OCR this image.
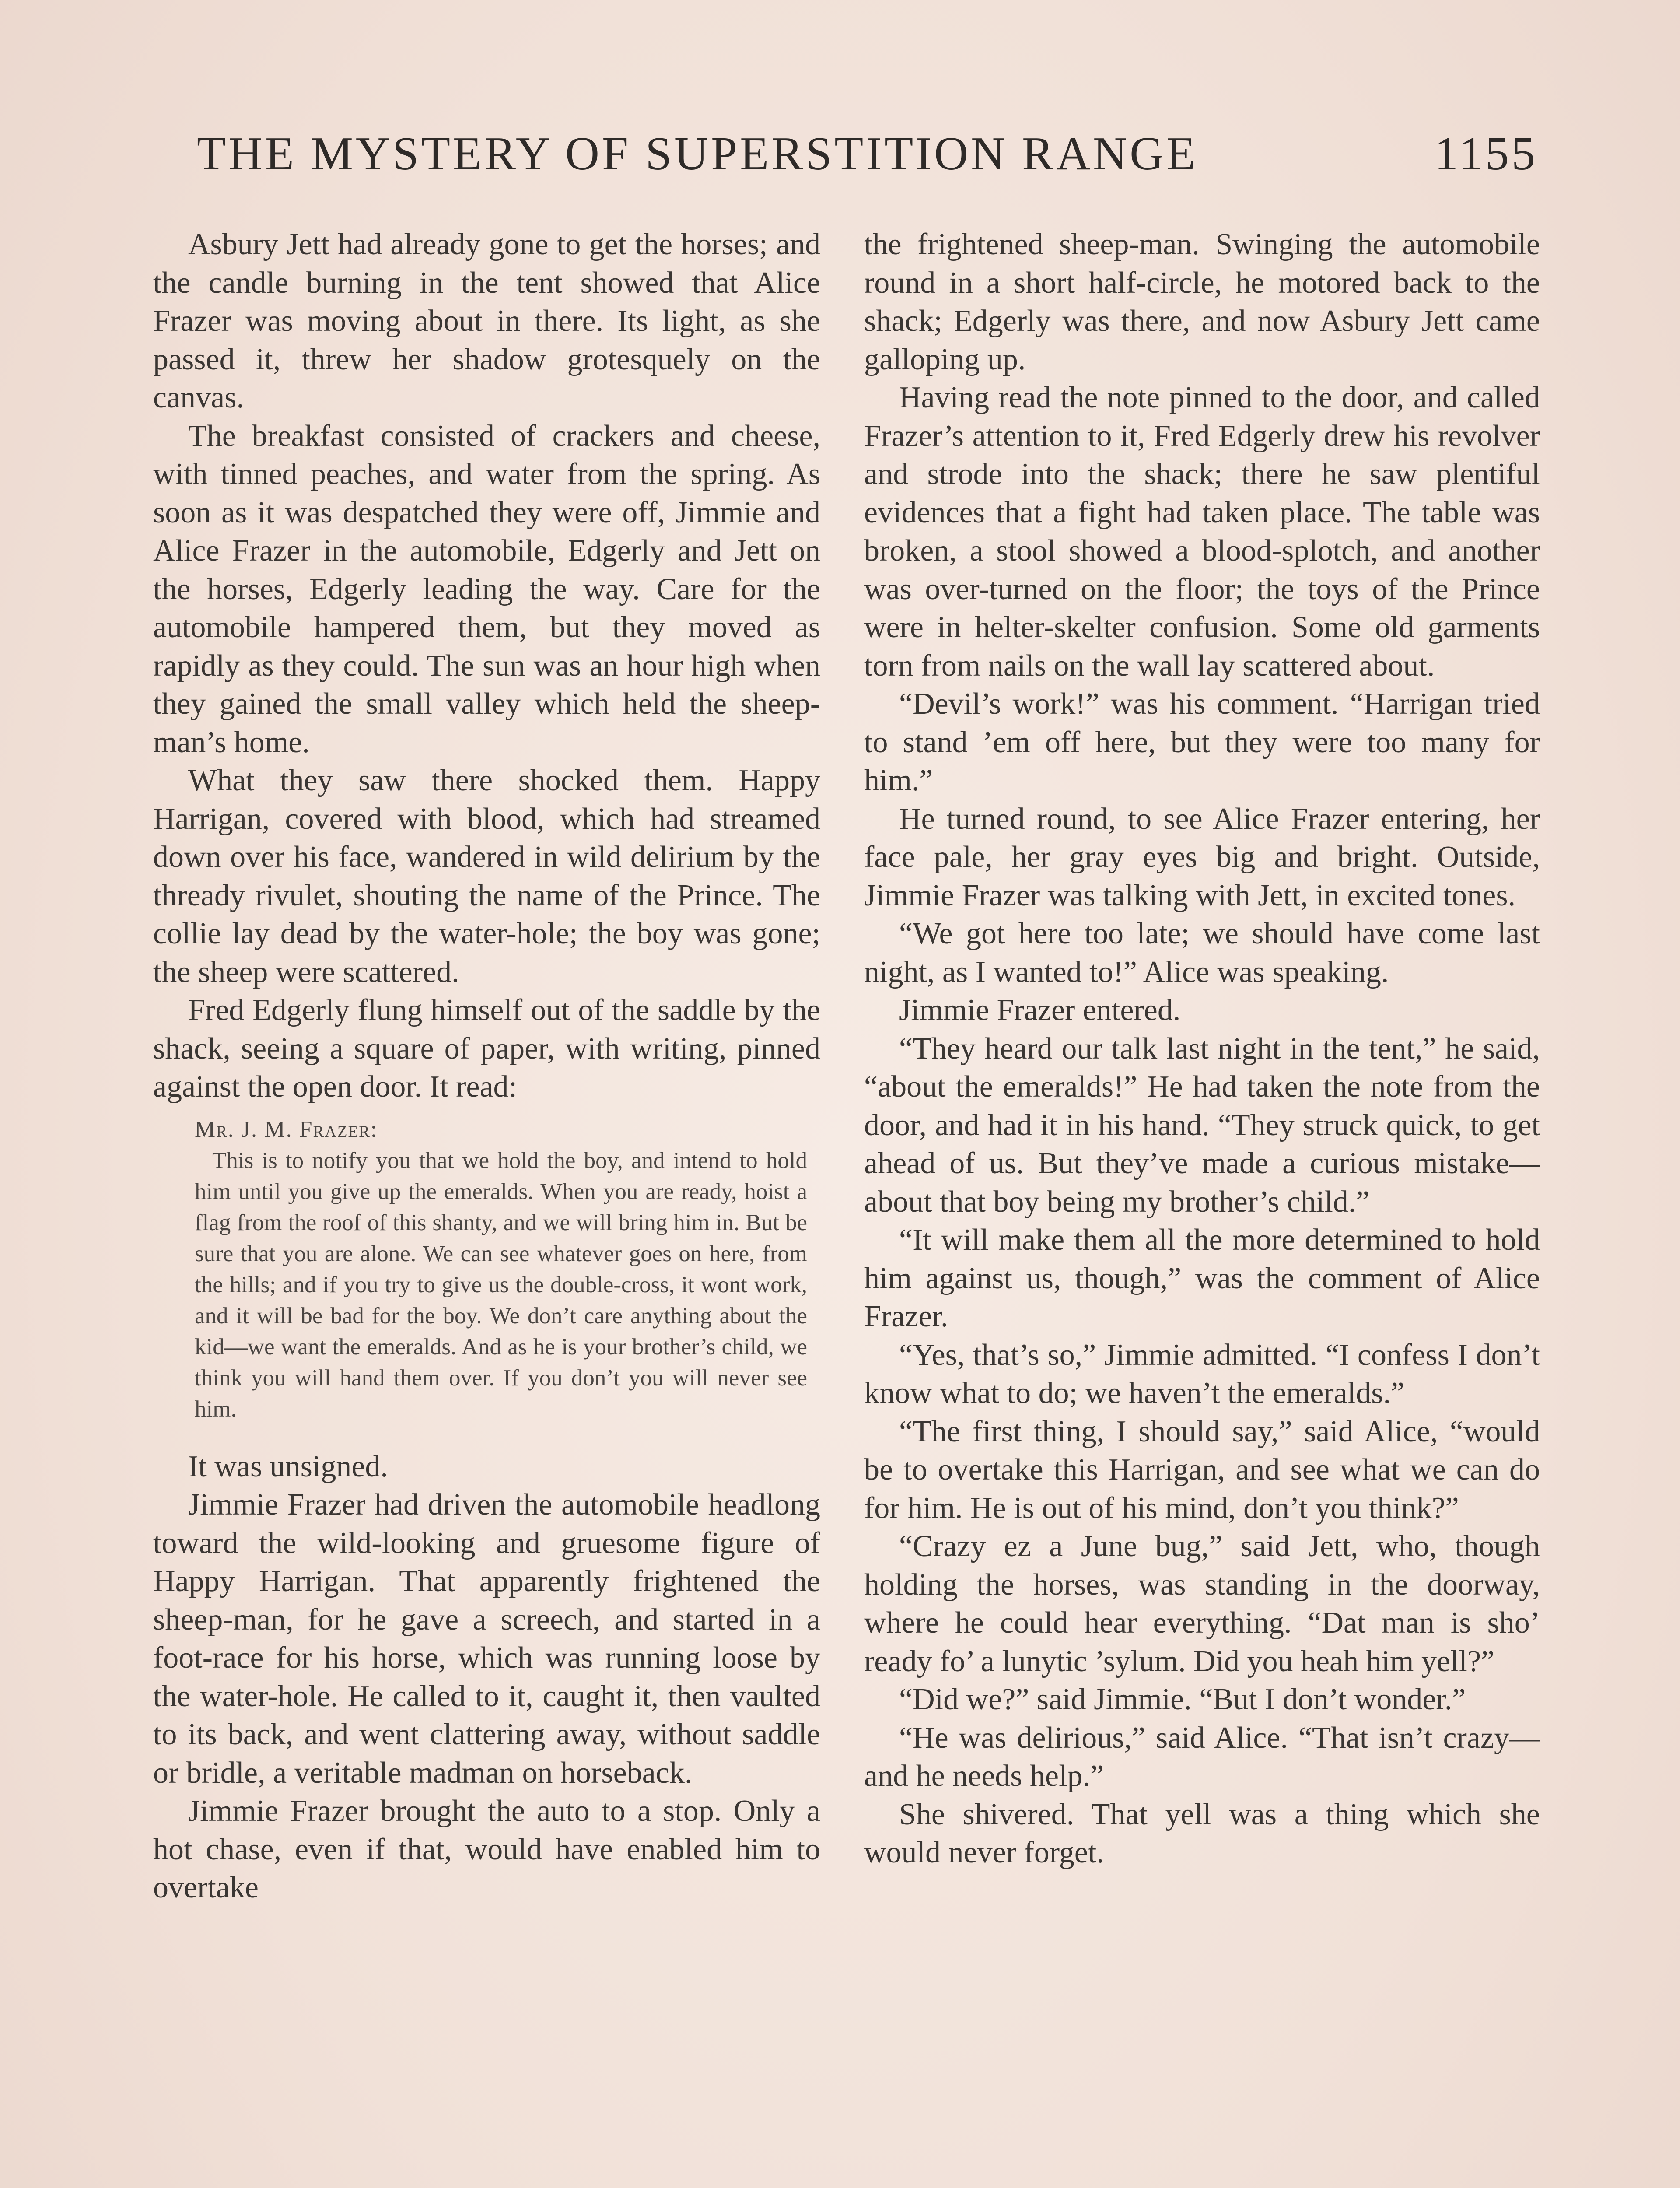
THE MYSTERY OF SUPERSTITION RANGE	1155

Asbury Jett had already gone to get the horses; and the candle burning in the tent showed that Alice Frazer was moving about in there. Its light, as she passed it, threw her shadow grotesquely on the canvas.

The breakfast consisted of crackers and cheese, with tinned peaches, and water from the spring. As soon as it was despatched they were off, Jimmie and Alice Frazer in the automobile, Edgerly and Jett on the horses, Edgerly leading the way. Care for the automobile hampered them, but they moved as rapidly as they could. The sun was an hour high when they gained the small valley which held the sheep-man’s home.

What they saw there shocked them. Happy Harrigan, covered with blood, which had streamed down over his face, wandered in wild delirium by the thready rivulet, shouting the name of the Prince. The collie lay dead by the water-hole; the boy was gone; the sheep were scattered.

Fred Edgerly flung himself out of the saddle by the shack, seeing a square of paper, with writing, pinned against the open door. It read:

Mr. J. M. Frazer:

This is to notify you that we hold the boy, and intend to hold him until you give up the emeralds. When you are ready, hoist a flag from the roof of this shanty, and we will bring him in. But be sure that you are alone. We can see whatever goes on here, from the hills; and if you try to give us the double-cross, it wont work, and it will be bad for the boy. We don’t care anything about the kid—we want the emeralds. And as he is your brother’s child, we think you will hand them over. If you don’t you will never see him.

It was unsigned.

Jimmie Frazer had driven the automobile headlong toward the wild-looking and gruesome figure of Happy Harrigan. That apparently frightened the sheep-man, for he gave a screech, and started in a foot-race for his horse, which was running loose by the water-hole. He called to it, caught it, then vaulted to its back, and went clattering away, without saddle or bridle, a veritable madman on horseback.

Jimmie Frazer brought the auto to a stop. Only a hot chase, even if that, would have enabled him to overtake

the frightened sheep-man. Swinging the automobile round in a short half-circle, he motored back to the shack; Edgerly was there, and now Asbury Jett came galloping up.

Having read the note pinned to the door, and called Frazer’s attention to it, Fred Edgerly drew his revolver and strode into the shack; there he saw plentiful evidences that a fight had taken place. The table was broken, a stool showed a blood-splotch, and another was over-turned on the floor; the toys of the Prince were in helter-skelter confusion. Some old garments torn from nails on the wall lay scattered about.

“Devil’s work!” was his comment. “Harrigan tried to stand ’em off here, but they were too many for him.”

He turned round, to see Alice Frazer entering, her face pale, her gray eyes big and bright. Outside, Jimmie Frazer was talking with Jett, in excited tones.

“We got here too late; we should have come last night, as I wanted to!” Alice was speaking.

Jimmie Frazer entered.

“They heard our talk last night in the tent,” he said, “about the emeralds!” He had taken the note from the door, and had it in his hand. “They struck quick, to get ahead of us. But they’ve made a curious mistake—about that boy being my brother’s child.”

“It will make them all the more determined to hold him against us, though,” was the comment of Alice Frazer.

“Yes, that’s so,” Jimmie admitted. “I confess I don’t know what to do; we haven’t the emeralds.”

“The first thing, I should say,” said Alice, “would be to overtake this Harrigan, and see what we can do for him. He is out of his mind, don’t you think?”

“Crazy ez a June bug,” said Jett, who, though holding the horses, was standing in the doorway, where he could hear everything. “Dat man is sho’ ready fo’ a lunytic ’sylum. Did you heah him yell?”

“Did we?” said Jimmie. “But I don’t wonder.”

“He was delirious,” said Alice. “That isn’t crazy—and he needs help.”

She shivered. That yell was a thing which she would never forget.
